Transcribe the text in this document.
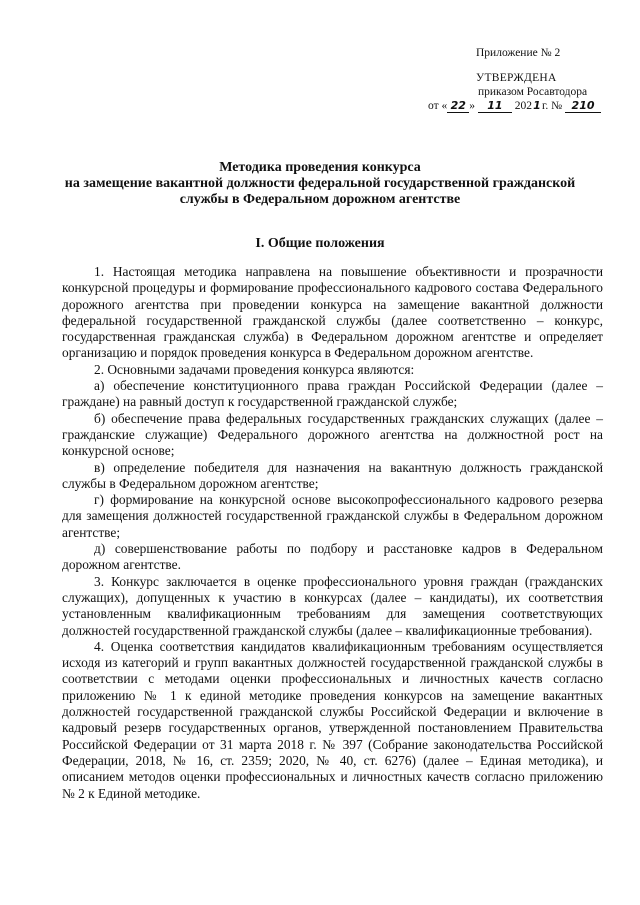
Приложение № 2
УТВЕРЖДЕНА
приказом Росавтодора
от « 22 » 11 2021г. № 210
Методика проведения конкурса
на замещение вакантной должности федеральной государственной гражданской
службы в Федеральном дорожном агентстве
I. Общие положения

1. Настоящая методика направлена на повышение объективности и прозрачности конкурсной процедуры и формирование профессионального кадрового состава Федерального дорожного агентства при проведении конкурса на замещение вакантной должности федеральной государственной гражданской службы (далее соответственно – конкурс, государственная гражданская служба) в Федеральном дорожном агентстве и определяет организацию и порядок проведения конкурса в Федеральном дорожном агентстве.

2. Основными задачами проведения конкурса являются:

а) обеспечение конституционного права граждан Российской Федерации (далее – граждане) на равный доступ к государственной гражданской службе;

б) обеспечение права федеральных государственных гражданских служащих (далее – гражданские служащие) Федерального дорожного агентства на должностной рост на конкурсной основе;

в) определение победителя для назначения на вакантную должность гражданской службы в Федеральном дорожном агентстве;

г) формирование на конкурсной основе высокопрофессионального кадрового резерва для замещения должностей государственной гражданской службы в Федеральном дорожном агентстве;

д) совершенствование работы по подбору и расстановке кадров в Федеральном дорожном агентстве.

3. Конкурс заключается в оценке профессионального уровня граждан (гражданских служащих), допущенных к участию в конкурсах (далее – кандидаты), их соответствия установленным квалификационным требованиям для замещения соответствующих должностей государственной гражданской службы (далее – квалификационные требования).

4. Оценка соответствия кандидатов квалификационным требованиям осуществляется исходя из категорий и групп вакантных должностей государственной гражданской службы в соответствии с методами оценки профессиональных и личностных качеств согласно приложению № 1 к единой методике проведения конкурсов на замещение вакантных должностей государственной гражданской службы Российской Федерации и включение в кадровый резерв государственных органов, утвержденной постановлением Правительства Российской Федерации от 31 марта 2018 г. № 397 (Собрание законодательства Российской Федерации, 2018, № 16, ст. 2359; 2020, № 40, ст. 6276) (далее – Единая методика), и описанием методов оценки профессиональных и личностных качеств согласно приложению № 2 к Единой методике.
